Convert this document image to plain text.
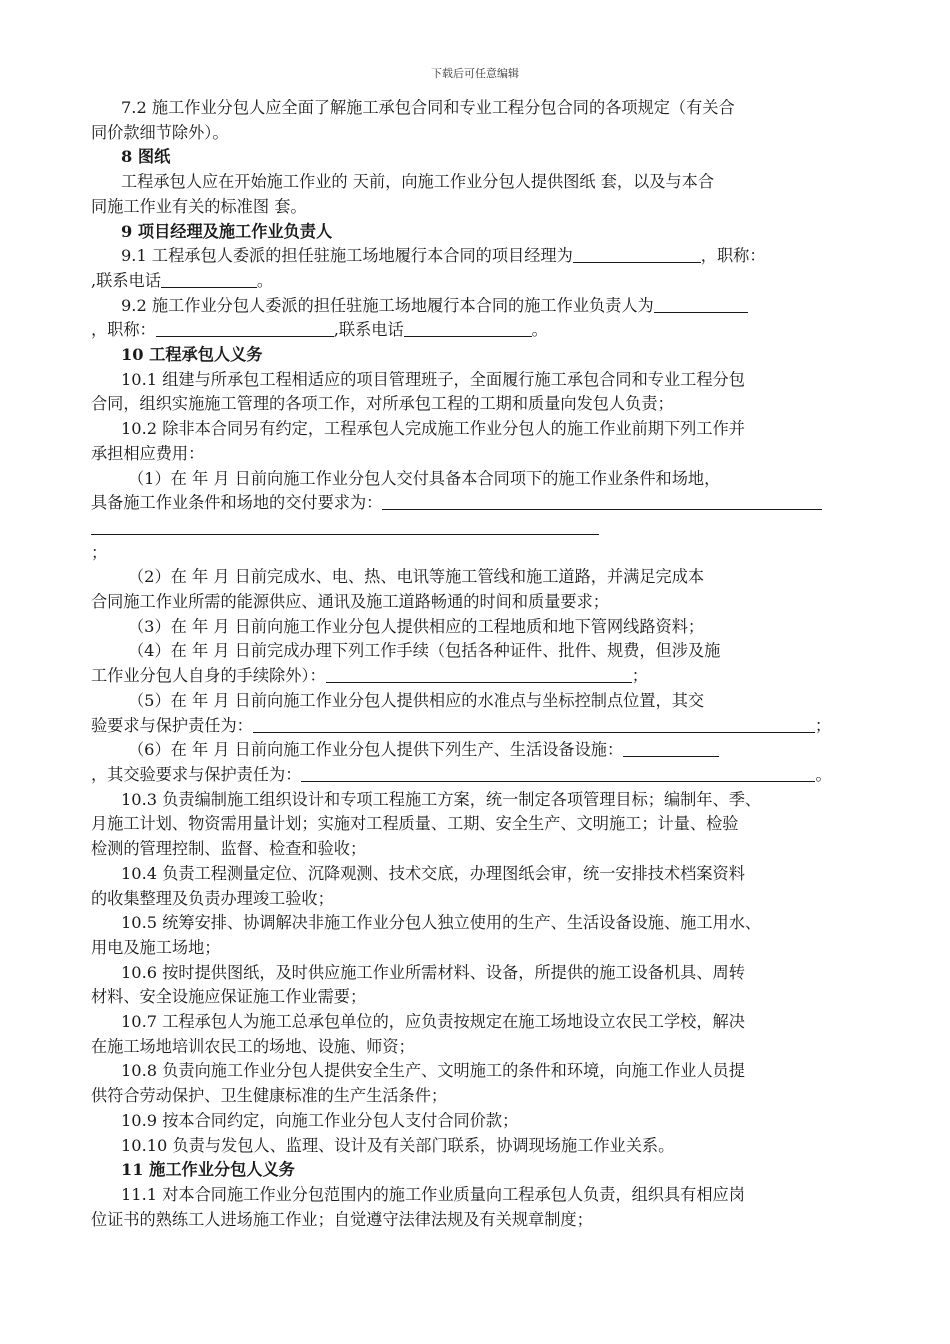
下载后可任意编辑

7.2 施工作业分包人应全面了解施工承包合同和专业工程分包合同的各项规定（有关合

同价款细节除外）。

8 图纸

工程承包人应在开始施工作业的 天前，向施工作业分包人提供图纸 套，以及与本合

同施工作业有关的标准图 套。

9 项目经理及施工作业负责人

9.1 工程承包人委派的担任驻施工场地履行本合同的项目经理为	，职称：

,联系电话	。

9.2 施工作业分包人委派的担任驻施工场地履行本合同的施工作业负责人为

，职称：	,联系电话	。

10 工程承包人义务

10.1 组建与所承包工程相适应的项目管理班子，全面履行施工承包合同和专业工程分包

合同，组织实施施工管理的各项工作，对所承包工程的工期和质量向发包人负责；

10.2 除非本合同另有约定，工程承包人完成施工作业分包人的施工作业前期下列工作并

承担相应费用：

（1）在 年 月 日前向施工作业分包人交付具备本合同项下的施工作业条件和场地，

具备施工作业条件和场地的交付要求为：

；

（2）在 年 月 日前完成水、电、热、电讯等施工管线和施工道路，并满足完成本

合同施工作业所需的能源供应、通讯及施工道路畅通的时间和质量要求；

（3）在 年 月 日前向施工作业分包人提供相应的工程地质和地下管网线路资料；

（4）在 年 月 日前完成办理下列工作手续（包括各种证件、批件、规费，但涉及施

工作业分包人自身的手续除外）：	；

（5）在 年 月 日前向施工作业分包人提供相应的水准点与坐标控制点位置，其交

验要求与保护责任为：	；

（6）在 年 月 日前向施工作业分包人提供下列生产、生活设备设施：

，其交验要求与保护责任为：	。

10.3 负责编制施工组织设计和专项工程施工方案，统一制定各项管理目标；编制年、季、

月施工计划、物资需用量计划；实施对工程质量、工期、安全生产、文明施工；计量、检验

检测的管理控制、监督、检查和验收；

10.4 负责工程测量定位、沉降观测、技术交底，办理图纸会审，统一安排技术档案资料

的收集整理及负责办理竣工验收；

10.5 统筹安排、协调解决非施工作业分包人独立使用的生产、生活设备设施、施工用水、

用电及施工场地；

10.6 按时提供图纸，及时供应施工作业所需材料、设备，所提供的施工设备机具、周转

材料、安全设施应保证施工作业需要；

10.7 工程承包人为施工总承包单位的，应负责按规定在施工场地设立农民工学校，解决

在施工场地培训农民工的场地、设施、师资；

10.8 负责向施工作业分包人提供安全生产、文明施工的条件和环境，向施工作业人员提

供符合劳动保护、卫生健康标准的生产生活条件；

10.9 按本合同约定，向施工作业分包人支付合同价款；

10.10 负责与发包人、监理、设计及有关部门联系，协调现场施工作业关系。

11 施工作业分包人义务

11.1 对本合同施工作业分包范围内的施工作业质量向工程承包人负责，组织具有相应岗

位证书的熟练工人进场施工作业；自觉遵守法律法规及有关规章制度；
